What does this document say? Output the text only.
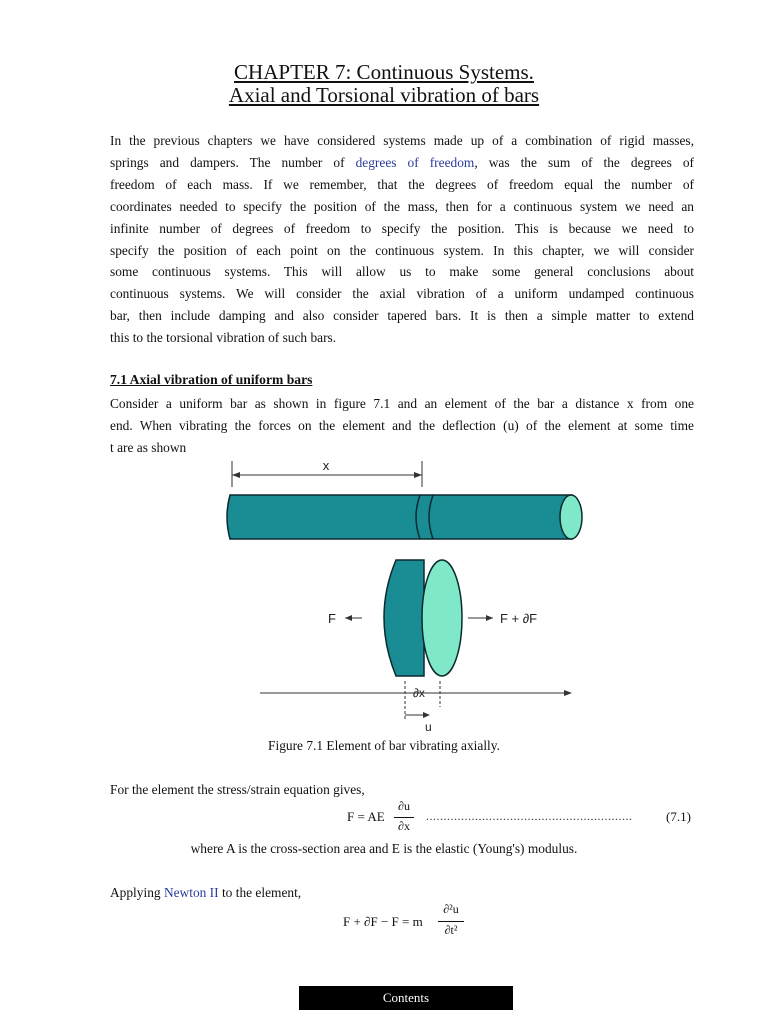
CHAPTER 7: Continuous Systems.
Axial and Torsional vibration of bars
In the previous chapters we have considered systems made up of a combination of rigid masses,
springs and dampers. The number of degrees of freedom, was the sum of the degrees of
freedom of each mass. If we remember, that the degrees of freedom equal the number of
coordinates needed to specify the position of the mass, then for a continuous system we need an
infinite number of degrees of freedom to specify the position. This is because we need to
specify the position of each point on the continuous system. In this chapter, we will consider
some continuous systems. This will allow us to make some general conclusions about
continuous systems. We will consider the axial vibration of a uniform undamped continuous
bar, then include damping and also consider tapered bars. It is then a simple matter to extend
this to the torsional vibration of such bars.
7.1 Axial vibration of uniform bars
Consider a uniform bar as shown in figure 7.1 and an element of the bar a distance x from one
end. When vibrating the forces on the element and the deflection (u) of the element at some time
t are as shown
x
F	F + ∂F
∂x
u
Figure 7.1 Element of bar vibrating axially.
For the element the stress/strain equation gives,
F = AE
∂u
∂x
...........................................................	(7.1)
where A is the cross-section area and E is the elastic (Young's) modulus.
Applying Newton II to the element,
F + ∂F − F = m
∂²u
∂t²
Contents
